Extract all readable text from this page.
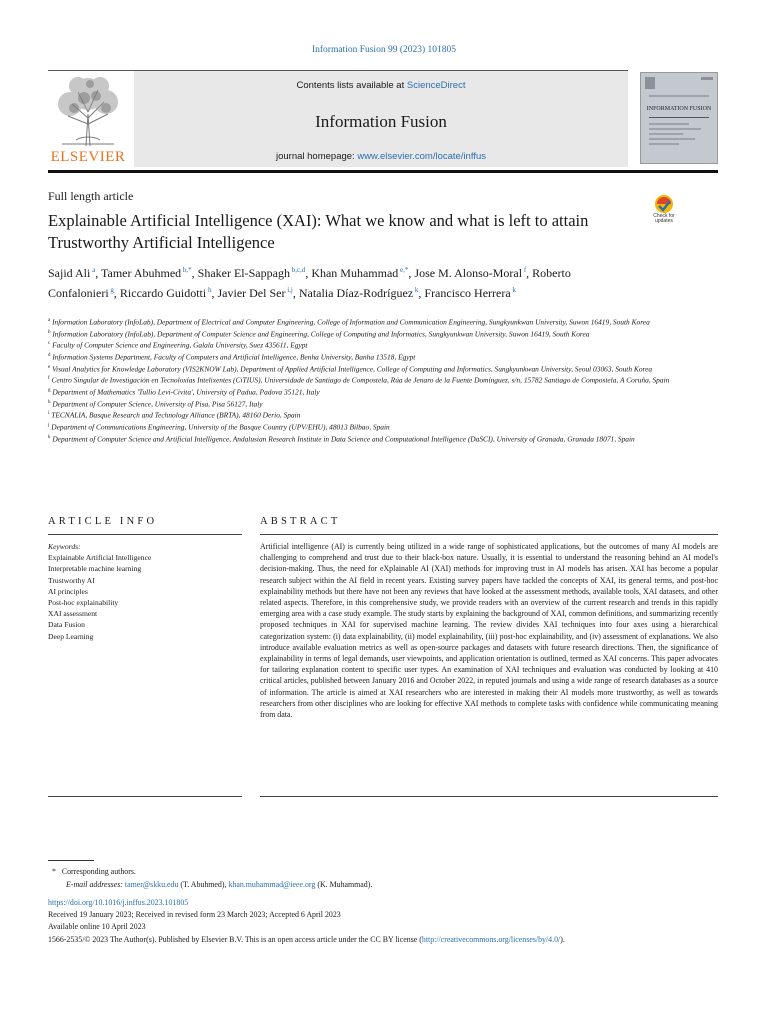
Information Fusion 99 (2023) 101805
ELSEVIER
Contents lists available at ScienceDirect
Information Fusion
journal homepage: www.elsevier.com/locate/inffus
INFORMATION FUSION
Full length article
Check for updates
Explainable Artificial Intelligence (XAI): What we know and what is left to attain Trustworthy Artificial Intelligence
Sajid Ali $^a$, Tamer Abuhmed $^{b,*}$, Shaker El-Sappagh $^{b,c,d}$, Khan Muhammad $^{e,*}$, Jose M. Alonso-Moral $^f$, Roberto Confalonieri $^g$, Riccardo Guidotti $^h$, Javier Del Ser $^{i,j}$, Natalia Díaz-Rodríguez $^k$, Francisco Herrera $^k$
$^a$ Information Laboratory (InfoLab), Department of Electrical and Computer Engineering, College of Information and Communication Engineering, Sungkyunkwan University, Suwon 16419, South Korea
$^b$ Information Laboratory (InfoLab), Department of Computer Science and Engineering, College of Computing and Informatics, Sungkyunkwan University, Suwon 16419, South Korea
$^c$ Faculty of Computer Science and Engineering, Galala University, Suez 435611, Egypt
$^d$ Information Systems Department, Faculty of Computers and Artificial Intelligence, Benha University, Banha 13518, Egypt
$^e$ Visual Analytics for Knowledge Laboratory (VIS2KNOW Lab), Department of Applied Artificial Intelligence, College of Computing and Informatics, Sungkyunkwan University, Seoul 03063, South Korea
$^f$ Centro Singular de Investigación en Tecnoloxías Intelixentes (CiTIUS), Universidade de Santiago de Compostela, Rúa de Jenaro de la Fuente Domínguez, s/n, 15782 Santiago de Compostela, A Coruña, Spain
$^g$ Department of Mathematics 'Tullio Levi-Civita', University of Padua, Padova 35121, Italy
$^h$ Department of Computer Science, University of Pisa, Pisa 56127, Italy
$^i$ TECNALIA, Basque Research and Technology Alliance (BRTA), 48160 Derio, Spain
$^j$ Department of Communications Engineering, University of the Basque Country (UPV/EHU), 48013 Bilbao, Spain
$^k$ Department of Computer Science and Artificial Intelligence, Andalusian Research Institute in Data Science and Computational Intelligence (DaSCI), University of Granada, Granada 18071, Spain
ARTICLE INFO	ABSTRACT
Keywords:
Explainable Artificial Intelligence
Interpretable machine learning
Trustworthy AI
AI principles
Post-hoc explainability
XAI assessment
Data Fusion
Deep Learning
Artificial intelligence (AI) is currently being utilized in a wide range of sophisticated applications, but the outcomes of many AI models are challenging to comprehend and trust due to their black-box nature. Usually, it is essential to understand the reasoning behind an AI model's decision-making. Thus, the need for eXplainable AI (XAI) methods for improving trust in AI models has arisen. XAI has become a popular research subject within the AI field in recent years. Existing survey papers have tackled the concepts of XAI, its general terms, and post-hoc explainability methods but there have not been any reviews that have looked at the assessment methods, available tools, XAI datasets, and other related aspects. Therefore, in this comprehensive study, we provide readers with an overview of the current research and trends in this rapidly emerging area with a case study example. The study starts by explaining the background of XAI, common definitions, and summarizing recently proposed techniques in XAI for supervised machine learning. The review divides XAI techniques into four axes using a hierarchical categorization system: (i) data explainability, (ii) model explainability, (iii) post-hoc explainability, and (iv) assessment of explanations. We also introduce available evaluation metrics as well as open-source packages and datasets with future research directions. Then, the significance of explainability in terms of legal demands, user viewpoints, and application orientation is outlined, termed as XAI concerns. This paper advocates for tailoring explanation content to specific user types. An examination of XAI techniques and evaluation was conducted by looking at 410 critical articles, published between January 2016 and October 2022, in reputed journals and using a wide range of research databases as a source of information. The article is aimed at XAI researchers who are interested in making their AI models more trustworthy, as well as towards researchers from other disciplines who are looking for effective XAI methods to complete tasks with confidence while communicating meaning from data.
*   Corresponding authors.
E-mail addresses: tamer@skku.edu (T. Abuhmed), khan.muhammad@ieee.org (K. Muhammad).
https://doi.org/10.1016/j.inffus.2023.101805
Received 19 January 2023; Received in revised form 23 March 2023; Accepted 6 April 2023
Available online 10 April 2023
1566-2535/© 2023 The Author(s). Published by Elsevier B.V. This is an open access article under the CC BY license (http://creativecommons.org/licenses/by/4.0/).
